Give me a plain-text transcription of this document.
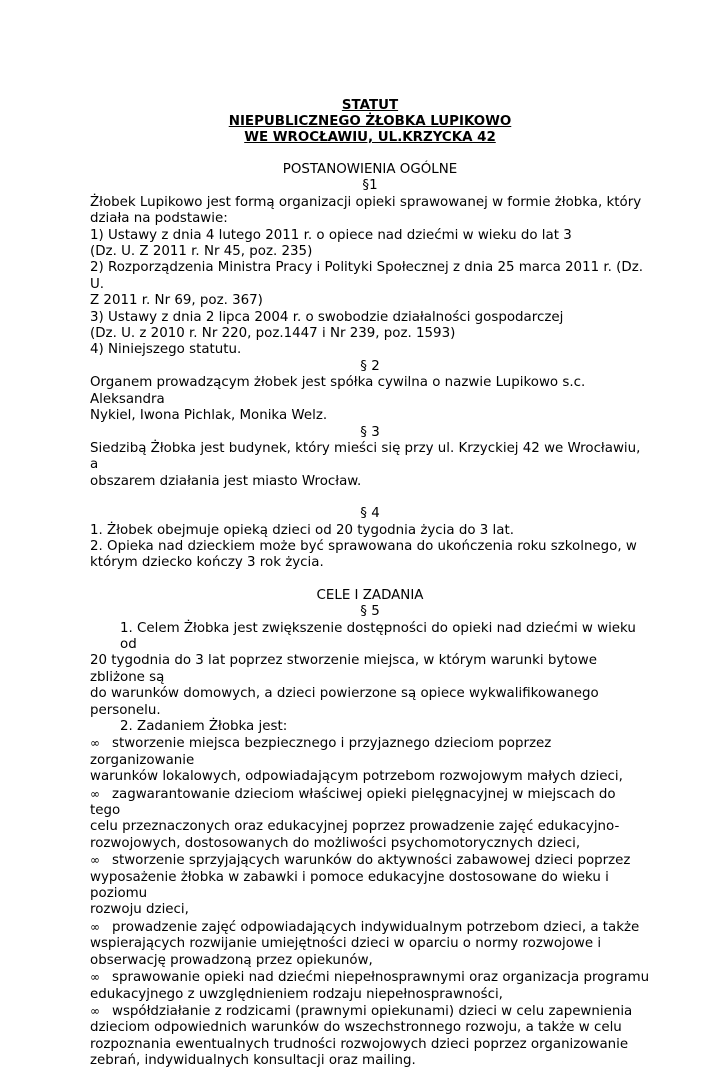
STATUT
NIEPUBLICZNEGO ŻŁOBKA LUPIKOWO
WE WROCŁAWIU, UL.KRZYCKA 42
POSTANOWIENIA OGÓLNE
§1
Żłobek Lupikowo jest formą organizacji opieki sprawowanej w formie żłobka, który
działa na podstawie:
1) Ustawy z dnia 4 lutego 2011 r. o opiece nad dziećmi w wieku do lat 3
(Dz. U. Z 2011 r. Nr 45, poz. 235)
2) Rozporządzenia Ministra Pracy i Polityki Społecznej z dnia 25 marca 2011 r. (Dz. U.
Z 2011 r. Nr 69, poz. 367)
3) Ustawy z dnia 2 lipca 2004 r. o swobodzie działalności gospodarczej
(Dz. U. z 2010 r. Nr 220, poz.1447 i Nr 239, poz. 1593)
4) Niniejszego statutu.
§ 2
Organem prowadzącym żłobek jest spółka cywilna o nazwie Lupikowo s.c. Aleksandra
Nykiel, Iwona Pichlak, Monika Welz.
§ 3
Siedzibą Żłobka jest budynek, który mieści się przy ul. Krzyckiej 42 we Wrocławiu, a
obszarem działania jest miasto Wrocław.
§ 4
1. Żłobek obejmuje opieką dzieci od 20 tygodnia życia do 3 lat.
2. Opieka nad dzieckiem może być sprawowana do ukończenia roku szkolnego, w
którym dziecko kończy 3 rok życia.
CELE I ZADANIA
§ 5
1. Celem Żłobka jest zwiększenie dostępności do opieki nad dziećmi w wieku od
20 tygodnia do 3 lat poprzez stworzenie miejsca, w którym warunki bytowe zbliżone są
do warunków domowych, a dzieci powierzone są opiece wykwalifikowanego personelu.
2. Zadaniem Żłobka jest:
∞ stworzenie miejsca bezpiecznego i przyjaznego dzieciom poprzez zorganizowanie
warunków lokalowych, odpowiadającym potrzebom rozwojowym małych dzieci,
∞ zagwarantowanie dzieciom właściwej opieki pielęgnacyjnej w miejscach do tego
celu przeznaczonych oraz edukacyjnej poprzez prowadzenie zajęć edukacyjno-
rozwojowych, dostosowanych do możliwości psychomotorycznych dzieci,
∞ stworzenie sprzyjających warunków do aktywności zabawowej dzieci poprzez
wyposażenie żłobka w zabawki i pomoce edukacyjne dostosowane do wieku i poziomu
rozwoju dzieci,
∞ prowadzenie zajęć odpowiadających indywidualnym potrzebom dzieci, a także
wspierających rozwijanie umiejętności dzieci w oparciu o normy rozwojowe i
obserwację prowadzoną przez opiekunów,
∞ sprawowanie opieki nad dziećmi niepełnosprawnymi oraz organizacja programu
edukacyjnego z uwzględnieniem rodzaju niepełnosprawności,
∞ współdziałanie z rodzicami (prawnymi opiekunami) dzieci w celu zapewnienia
dzieciom odpowiednich warunków do wszechstronnego rozwoju, a także w celu
rozpoznania ewentualnych trudności rozwojowych dzieci poprzez organizowanie
zebrań, indywidualnych konsultacji oraz mailing.
